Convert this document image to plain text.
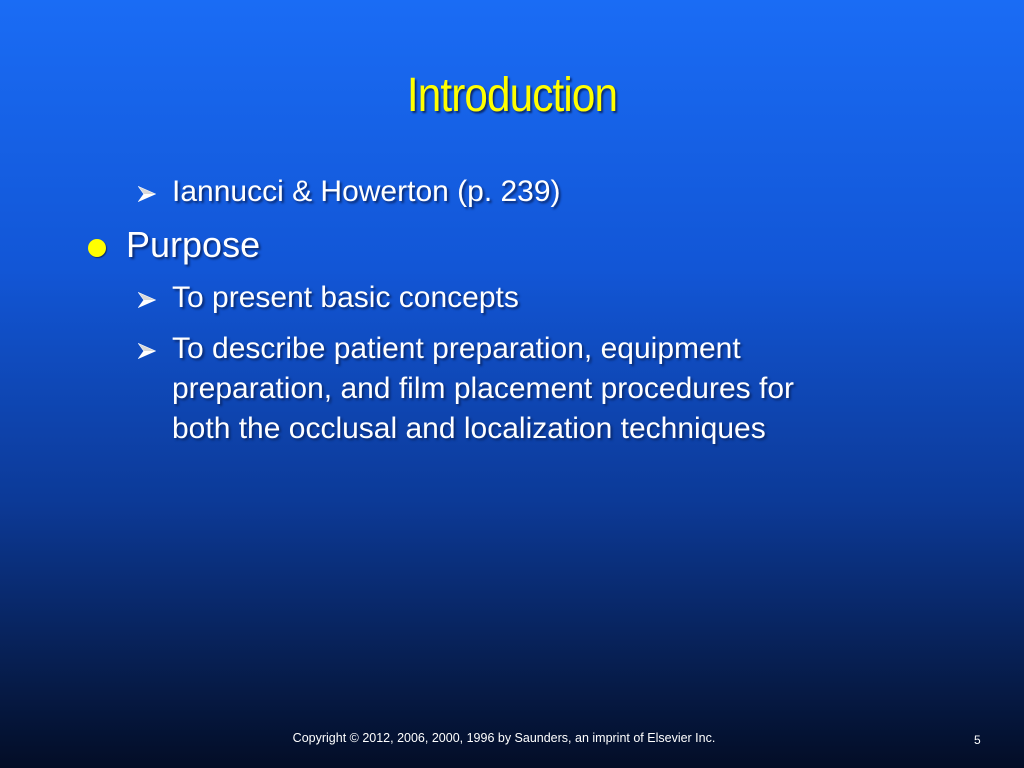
Introduction
Iannucci & Howerton (p. 239)
Purpose
To present basic concepts
To describe patient preparation, equipment
preparation, and film placement procedures for
both the occlusal and localization techniques
Copyright © 2012, 2006, 2000, 1996 by Saunders, an imprint of Elsevier Inc.	5
